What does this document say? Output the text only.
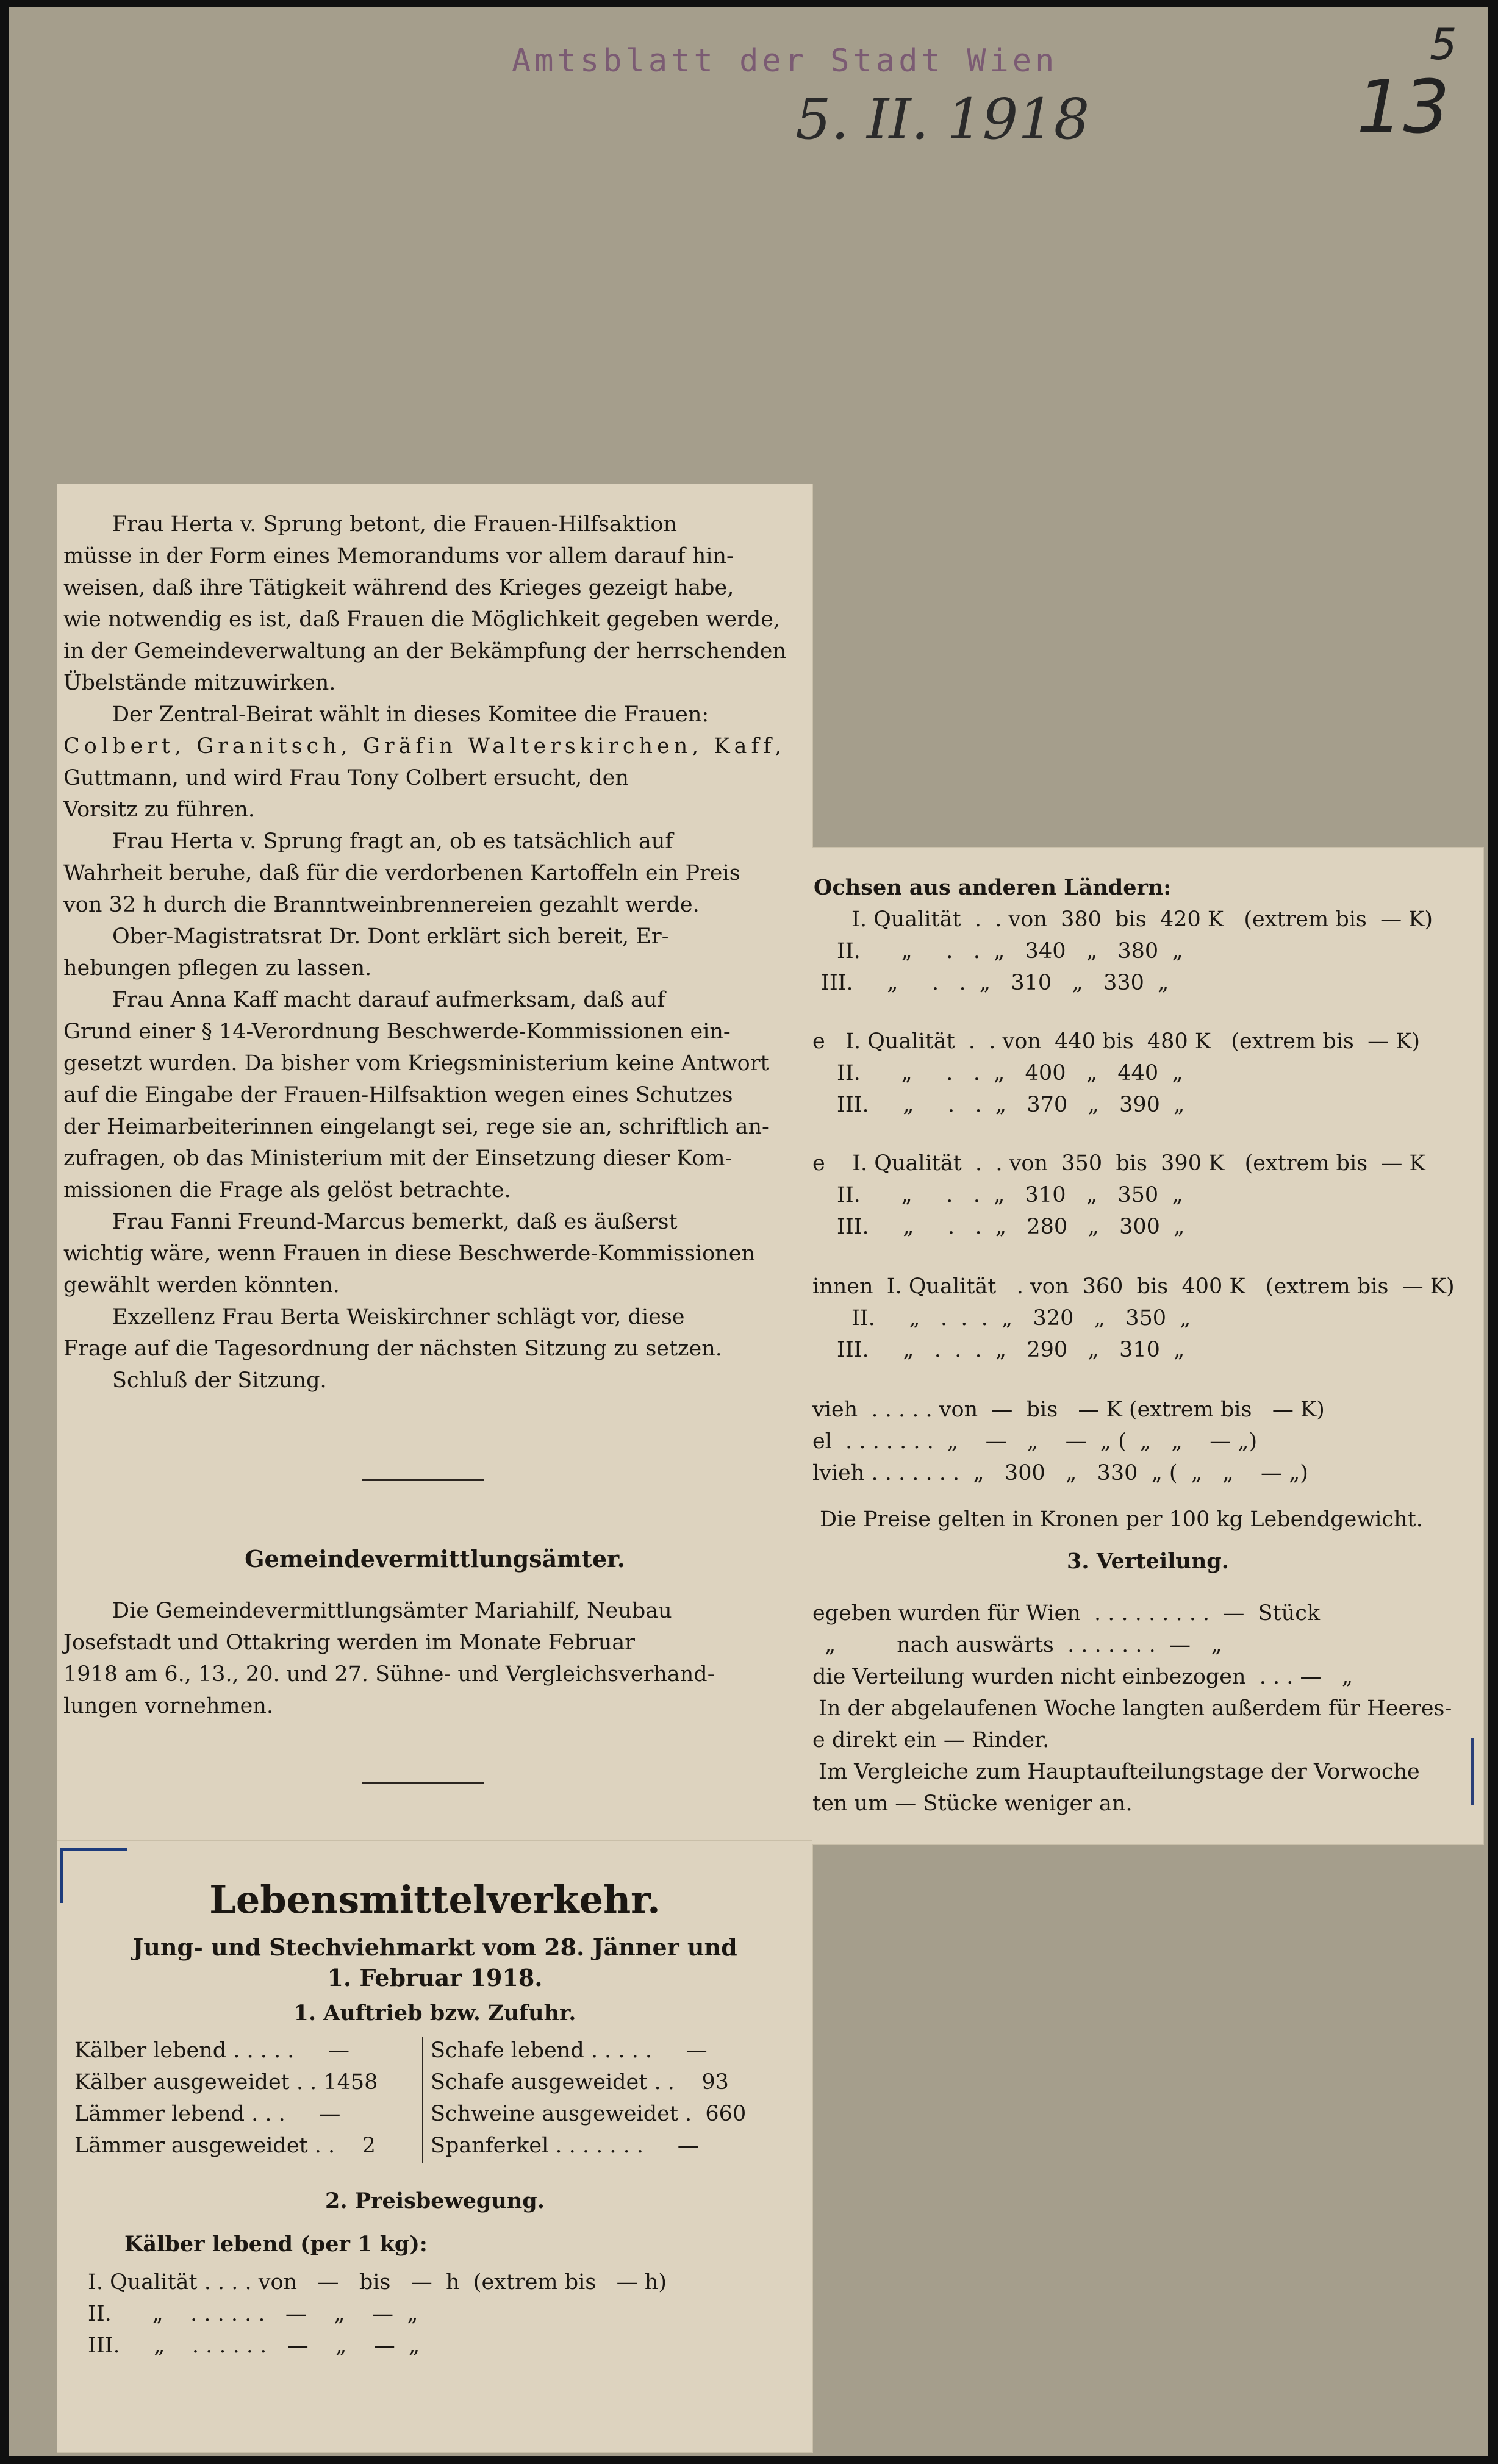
Amtsblatt der Stadt Wien
5. II. 1918	13
5
Frau Herta v. Sprung betont, die Frauen-Hilfsaktion
müsse in der Form eines Memorandums vor allem darauf hin-
weisen, daß ihre Tätigkeit während des Krieges gezeigt habe,
wie notwendig es ist, daß Frauen die Möglichkeit gegeben werde,
in der Gemeindeverwaltung an der Bekämpfung der herrschenden
Übelstände mitzuwirken.
Der Zentral-Beirat wählt in dieses Komitee die Frauen:
Colbert, Granitsch, Gräfin Walterskirchen, Kaff,
Guttmann, und wird Frau Tony Colbert ersucht, den
Vorsitz zu führen.
Frau Herta v. Sprung fragt an, ob es tatsächlich auf
Wahrheit beruhe, daß für die verdorbenen Kartoffeln ein Preis
von 32 h durch die Branntweinbrennereien gezahlt werde.
Ober-Magistratsrat Dr. Dont erklärt sich bereit, Er-
hebungen pflegen zu lassen.
Frau Anna Kaff macht darauf aufmerksam, daß auf
Grund einer § 14-Verordnung Beschwerde-Kommissionen ein-
gesetzt wurden. Da bisher vom Kriegsministerium keine Antwort
auf die Eingabe der Frauen-Hilfsaktion wegen eines Schutzes
der Heimarbeiterinnen eingelangt sei, rege sie an, schriftlich an-
zufragen, ob das Ministerium mit der Einsetzung dieser Kom-
missionen die Frage als gelöst betrachte.
Frau Fanni Freund-Marcus bemerkt, daß es äußerst
wichtig wäre, wenn Frauen in diese Beschwerde-Kommissionen
gewählt werden könnten.
Exzellenz Frau Berta Weiskirchner schlägt vor, diese
Frage auf die Tagesordnung der nächsten Sitzung zu setzen.
Schluß der Sitzung.
Gemeindevermittlungsämter.
Die Gemeindevermittlungsämter Mariahilf, Neubau
Josefstadt und Ottakring werden im Monate Februar
1918 am 6., 13., 20. und 27. Sühne- und Vergleichsverhand-
lungen vornehmen.
Lebensmittelverkehr.
Jung- und Stechviehmarkt vom 28. Jänner und
1. Februar 1918.
1. Auftrieb bzw. Zufuhr.
Kälber lebend . . . . .     —
Kälber ausgeweidet . . 1458
Lämmer lebend . . .     —
Lämmer ausgeweidet . .    2
Schafe lebend . . . . .     —
Schafe ausgeweidet . .    93
Schweine ausgeweidet .  660
Spanferkel . . . . . . .     —
2. Preisbewegung.
Kälber lebend (per 1 kg):
I. Qualität . . . . von   —   bis   —  h  (extrem bis   — h)
II.      „    . . . . . .   —    „    —  „
III.     „    . . . . . .   —    „    —  „
Ochsen aus anderen Ländern:
I. Qualität  .  . von  380  bis  420 K   (extrem bis  — K)
II.      „     .   .  „   340   „   380  „
III.     „     .   .  „   310   „   330  „
e   I. Qualität  .  . von  440 bis  480 K   (extrem bis  — K)
II.      „     .   .  „   400   „   440  „
III.     „     .   .  „   370   „   390  „
e    I. Qualität  .  . von  350  bis  390 K   (extrem bis  — K
II.      „     .   .  „   310   „   350  „
III.     „     .   .  „   280   „   300  „
innen  I. Qualität   . von  360  bis  400 K   (extrem bis  — K)
II.     „   .  .  .  „   320   „   350  „
III.     „   .  .  .  „   290   „   310  „
vieh  . . . . . von  —  bis   — K (extrem bis   — K)
el  . . . . . . .  „    —   „    —  „ (  „   „    — „)
lvieh . . . . . . .  „   300   „   330  „ (  „   „    — „)
Die Preise gelten in Kronen per 100 kg Lebendgewicht.
3. Verteilung.
egeben wurden für Wien  . . . . . . . . .  —  Stück
„         nach auswärts  . . . . . . .  —   „
die Verteilung wurden nicht einbezogen  . . . —   „
In der abgelaufenen Woche langten außerdem für Heeres-
e direkt ein — Rinder.
Im Vergleiche zum Hauptaufteilungstage der Vorwoche
ten um — Stücke weniger an.
